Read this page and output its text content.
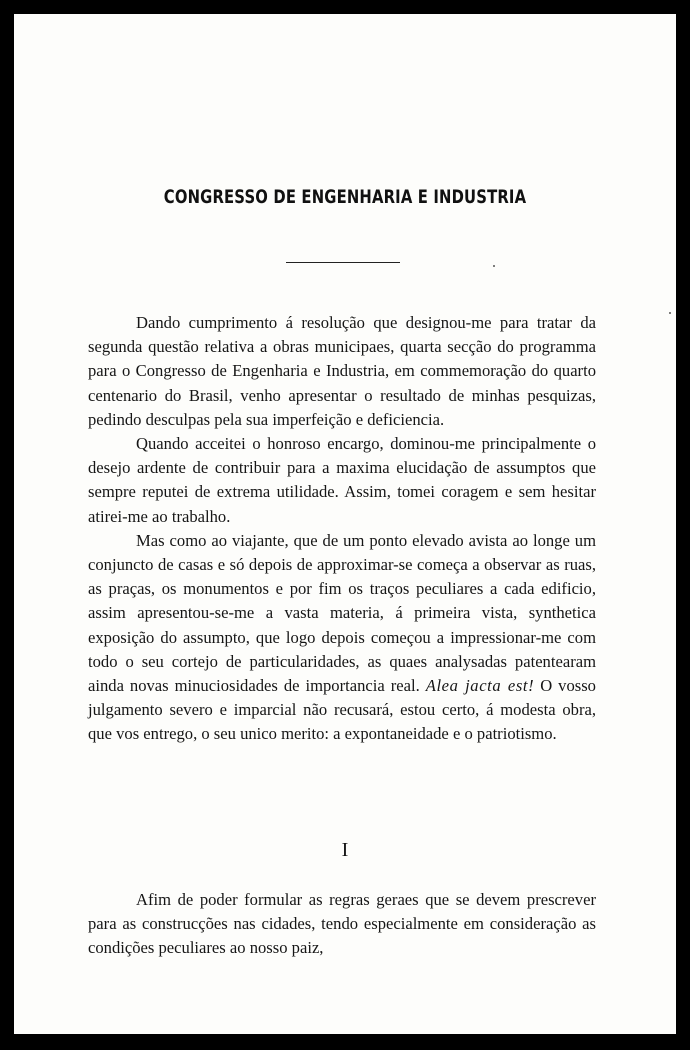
CONGRESSO DE ENGENHARIA E INDUSTRIA

Dando cumprimento á resolução que designou-me para tratar da segunda questão relativa a obras municipaes, quarta secção do programma para o Congresso de Engenharia e Industria, em commemoração do quarto centenario do Brasil, venho apresentar o resultado de minhas pesquizas, pedindo desculpas pela sua imperfeição e deficiencia.

Quando acceitei o honroso encargo, dominou-me principalmente o desejo ardente de contribuir para a maxima elucidação de assumptos que sempre reputei de extrema utilidade. Assim, tomei coragem e sem hesitar atirei-me ao trabalho.

Mas como ao viajante, que de um ponto elevado avista ao longe um conjuncto de casas e só depois de approximar-se começa a observar as ruas, as praças, os monumentos e por fim os traços peculiares a cada edificio, assim apresentou-se-me a vasta materia, á primeira vista, synthetica exposição do assumpto, que logo depois começou a impressionar-me com todo o seu cortejo de particularidades, as quaes analysadas patentearam ainda novas minuciosidades de importancia real. Alea jacta est! O vosso julgamento severo e imparcial não recusará, estou certo, á modesta obra, que vos entrego, o seu unico merito: a expontaneidade e o patriotismo.

I

Afim de poder formular as regras geraes que se devem prescrever para as construcções nas cidades, tendo especialmente em consideração as condições peculiares ao nosso paiz,
